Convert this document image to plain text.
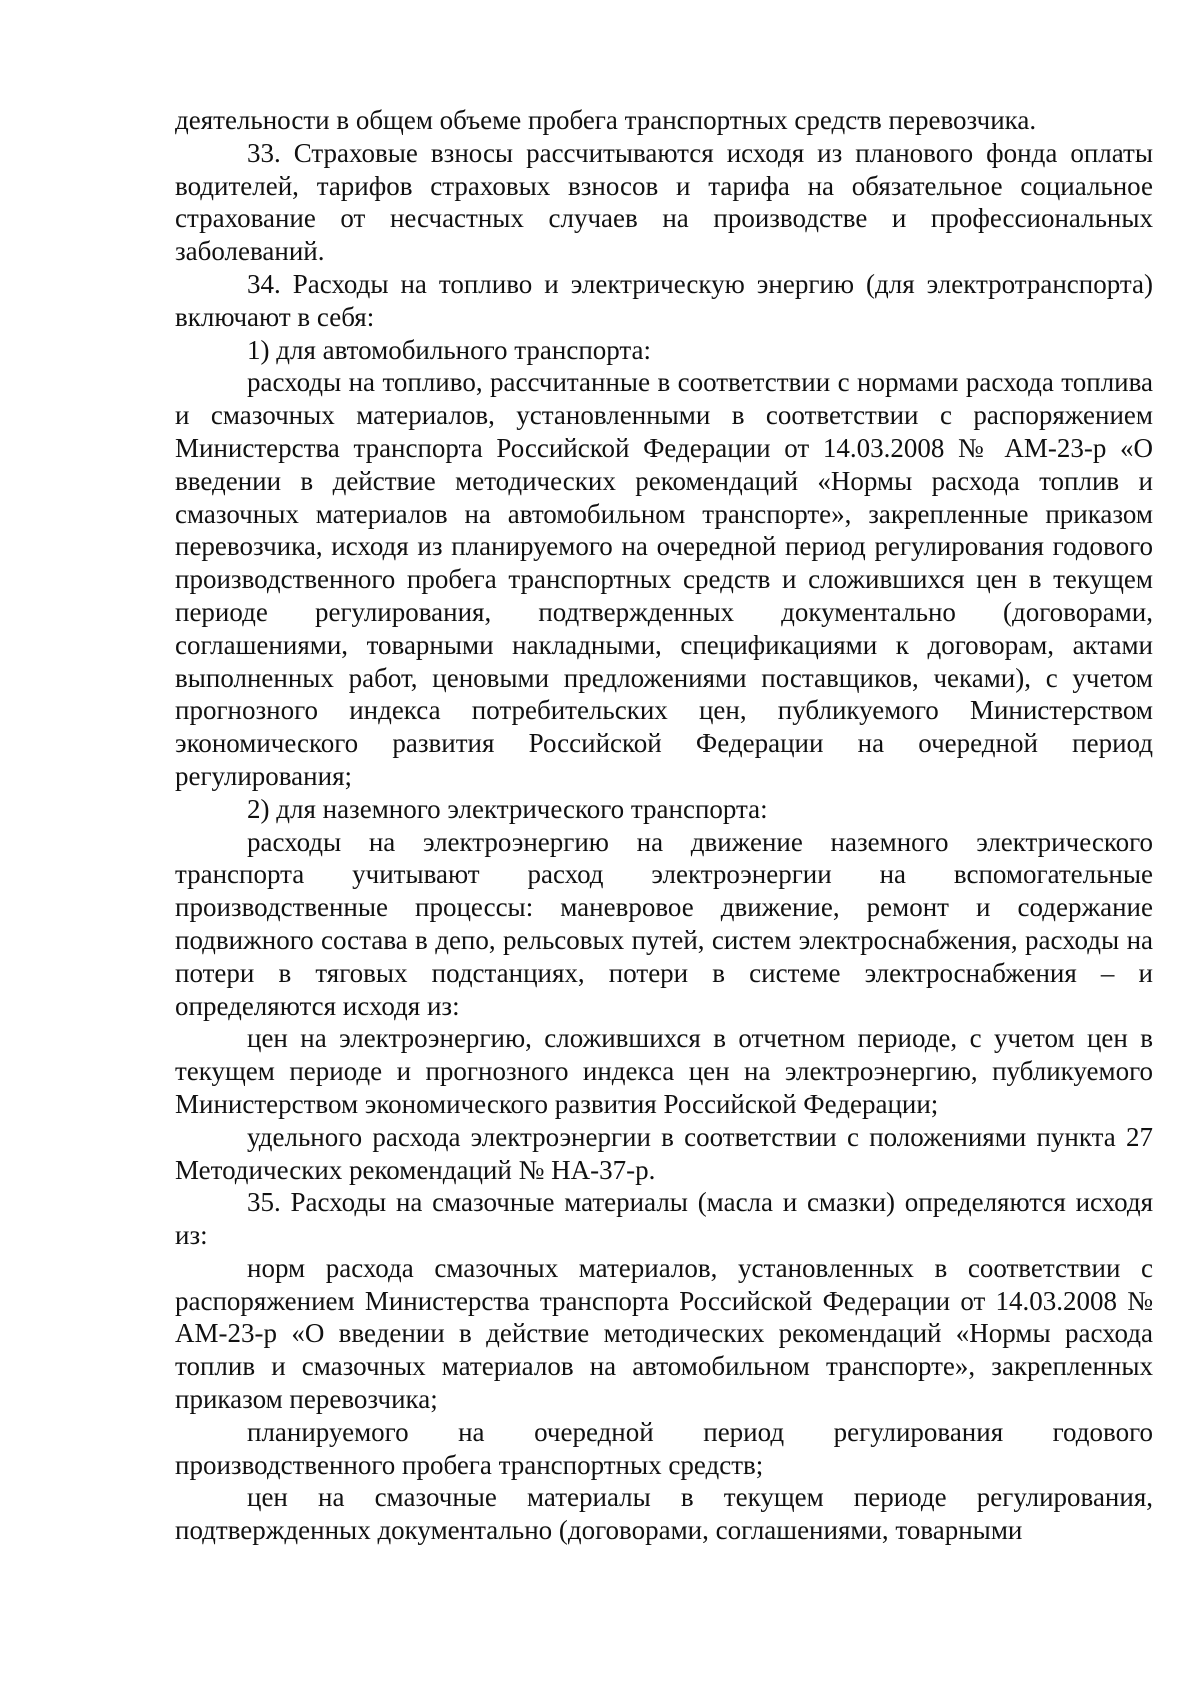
деятельности в общем объеме пробега транспортных средств перевозчика.

33. Страховые взносы рассчитываются исходя из планового фонда оплаты водителей, тарифов страховых взносов и тарифа на обязательное социальное страхование от несчастных случаев на производстве и профессиональных заболеваний.

34. Расходы на топливо и электрическую энергию (для электротранспорта) включают в себя:

1) для автомобильного транспорта:

расходы на топливо, рассчитанные в соответствии с нормами расхода топлива и смазочных материалов, установленными в соответствии с распоряжением Министерства транспорта Российской Федерации от 14.03.2008 № АМ-23-р «О введении в действие методических рекомендаций «Нормы расхода топлив и смазочных материалов на автомобильном транспорте», закрепленные приказом перевозчика, исходя из планируемого на очередной период регулирования годового производственного пробега транспортных средств и сложившихся цен в текущем периоде регулирования, подтвержденных документально (договорами, соглашениями, товарными накладными, спецификациями к договорам, актами выполненных работ, ценовыми предложениями поставщиков, чеками), с учетом прогнозного индекса потребительских цен, публикуемого Министерством экономического развития Российской Федерации на очередной период регулирования;

2) для наземного электрического транспорта:

расходы на электроэнергию на движение наземного электрического транспорта учитывают расход электроэнергии на вспомогательные производственные процессы: маневровое движение, ремонт и содержание подвижного состава в депо, рельсовых путей, систем электроснабжения, расходы на потери в тяговых подстанциях, потери в системе электроснабжения – и определяются исходя из:

цен на электроэнергию, сложившихся в отчетном периоде, с учетом цен в текущем периоде и прогнозного индекса цен на электроэнергию, публикуемого Министерством экономического развития Российской Федерации;

удельного расхода электроэнергии в соответствии с положениями пункта 27 Методических рекомендаций № НА-37-р.

35. Расходы на смазочные материалы (масла и смазки) определяются исходя из:

норм расхода смазочных материалов, установленных в соответствии с распоряжением Министерства транспорта Российской Федерации от 14.03.2008 № АМ-23-р «О введении в действие методических рекомендаций «Нормы расхода топлив и смазочных материалов на автомобильном транспорте», закрепленных приказом перевозчика;

планируемого на очередной период регулирования годового производственного пробега транспортных средств;

цен на смазочные материалы в текущем периоде регулирования, подтвержденных документально (договорами, соглашениями, товарными
